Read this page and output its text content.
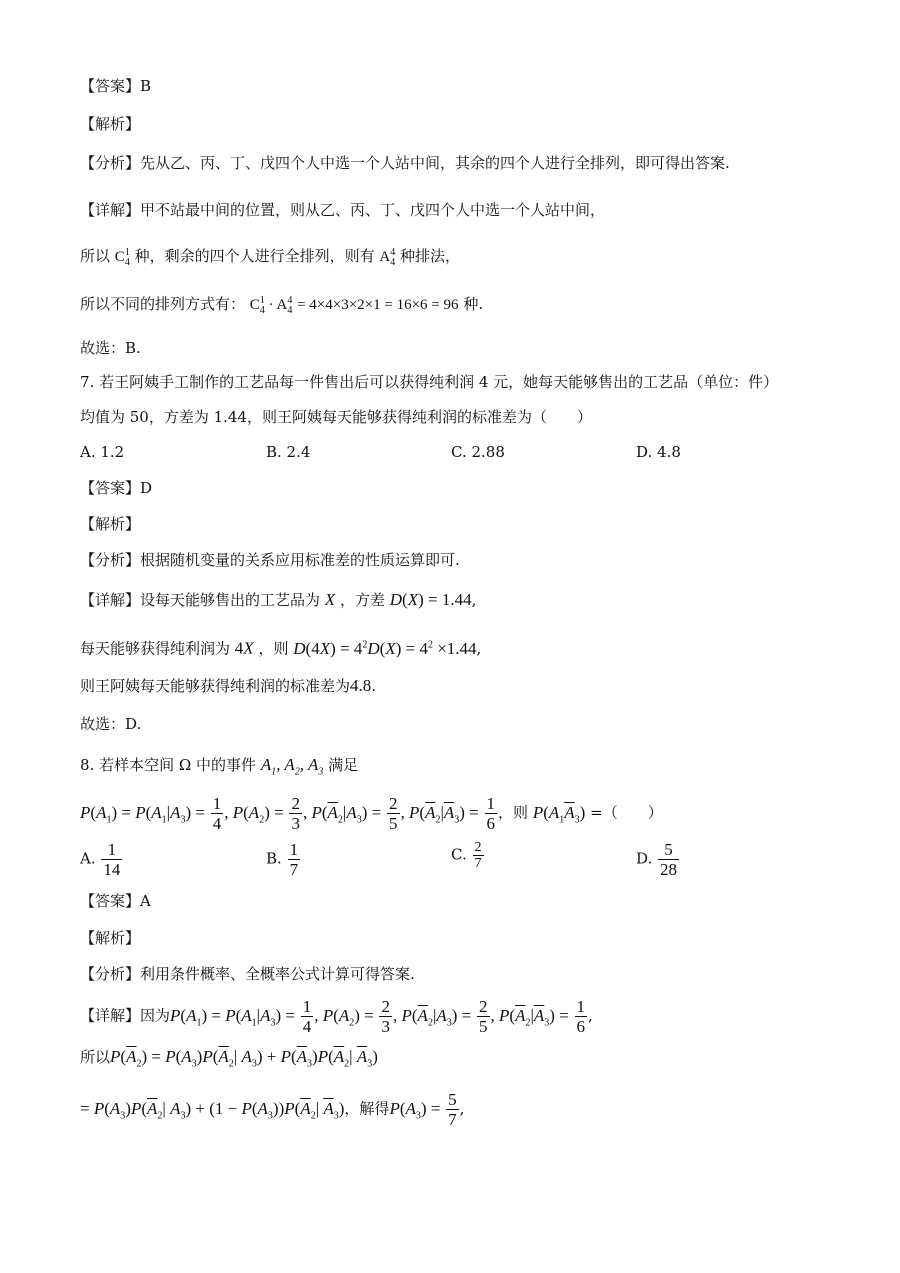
【答案】B
【解析】
【分析】先从乙、丙、丁、戊四个人中选一个人站中间，其余的四个人进行全排列，即可得出答案.
【详解】甲不站最中间的位置，则从乙、丙、丁、戊四个人中选一个人站中间，
所以 C 1
4 种，剩余的四个人进行全排列，则有 A 4
4 种排法，
所以不同的排列方式有： C 1
4 · A 4
4 = 4×4×3×2×1 = 16×6 = 96 种.
故选：B.
7. 若王阿姨手工制作的工艺品每一件售出后可以获得纯利润 4 元，她每天能够售出的工艺品（单位：件）
均值为 50，方差为 1.44，则王阿姨每天能够获得纯利润的标准差为（　　）
A. 1.2	B. 2.4	C. 2.88	D. 4.8
【答案】D
【解析】
【分析】根据随机变量的关系应用标准差的性质运算即可.
【详解】设每天能够售出的工艺品为 X ，方差 D(X) = 1.44,
每天能够获得纯利润为 4X ，则 $D(4X) = 4^2D(X) = 4^2 \times 1.44$,
则王阿姨每天能够获得纯利润的标准差为4.8.
故选：D.
8. 若样本空间 Ω 中的事件 $A_1$, $A_2$, $A_3$ 满足
$P(A_1) = P(A_1|A_3) = \frac{1}{4}$ , $P(A_2) = \frac{2}{3}$ , $P(\overline{A}_2|A_3) = \frac{2}{5}$ , $P(\overline{A}_2|\overline{A}_3) = \frac{1}{6}$ ，则 $P(A_1\overline{A}_3)$ =（　　）
A. $\frac{1}{14}$	B. $\frac{1}{7}$	C. $\frac{2}{7}$	D. $\frac{5}{28}$
【答案】A
【解析】
【分析】利用条件概率、全概率公式计算可得答案.
【详解】因为$P(A_1) = P(A_1|A_3) = \frac{1}{4}$ , $P(A_2) = \frac{2}{3}$ , $P(\overline{A}_2|A_3) = \frac{2}{5}$ , $P(\overline{A}_2|\overline{A}_3) = \frac{1}{6}$ ,
所以$P(\overline{A}_2) = P(A_3)P(\overline{A}_2|$ $A_3) + P(\overline{A}_3)P(\overline{A}_2|$ $\overline{A}_3$)
= $P(A_3)P(\overline{A}_2|$ $A_3) + (1 - P(A_3))P(\overline{A}_2|$ $\overline{A}_3$)，解得$P(A_3) = \frac{5}{7}$ ,
